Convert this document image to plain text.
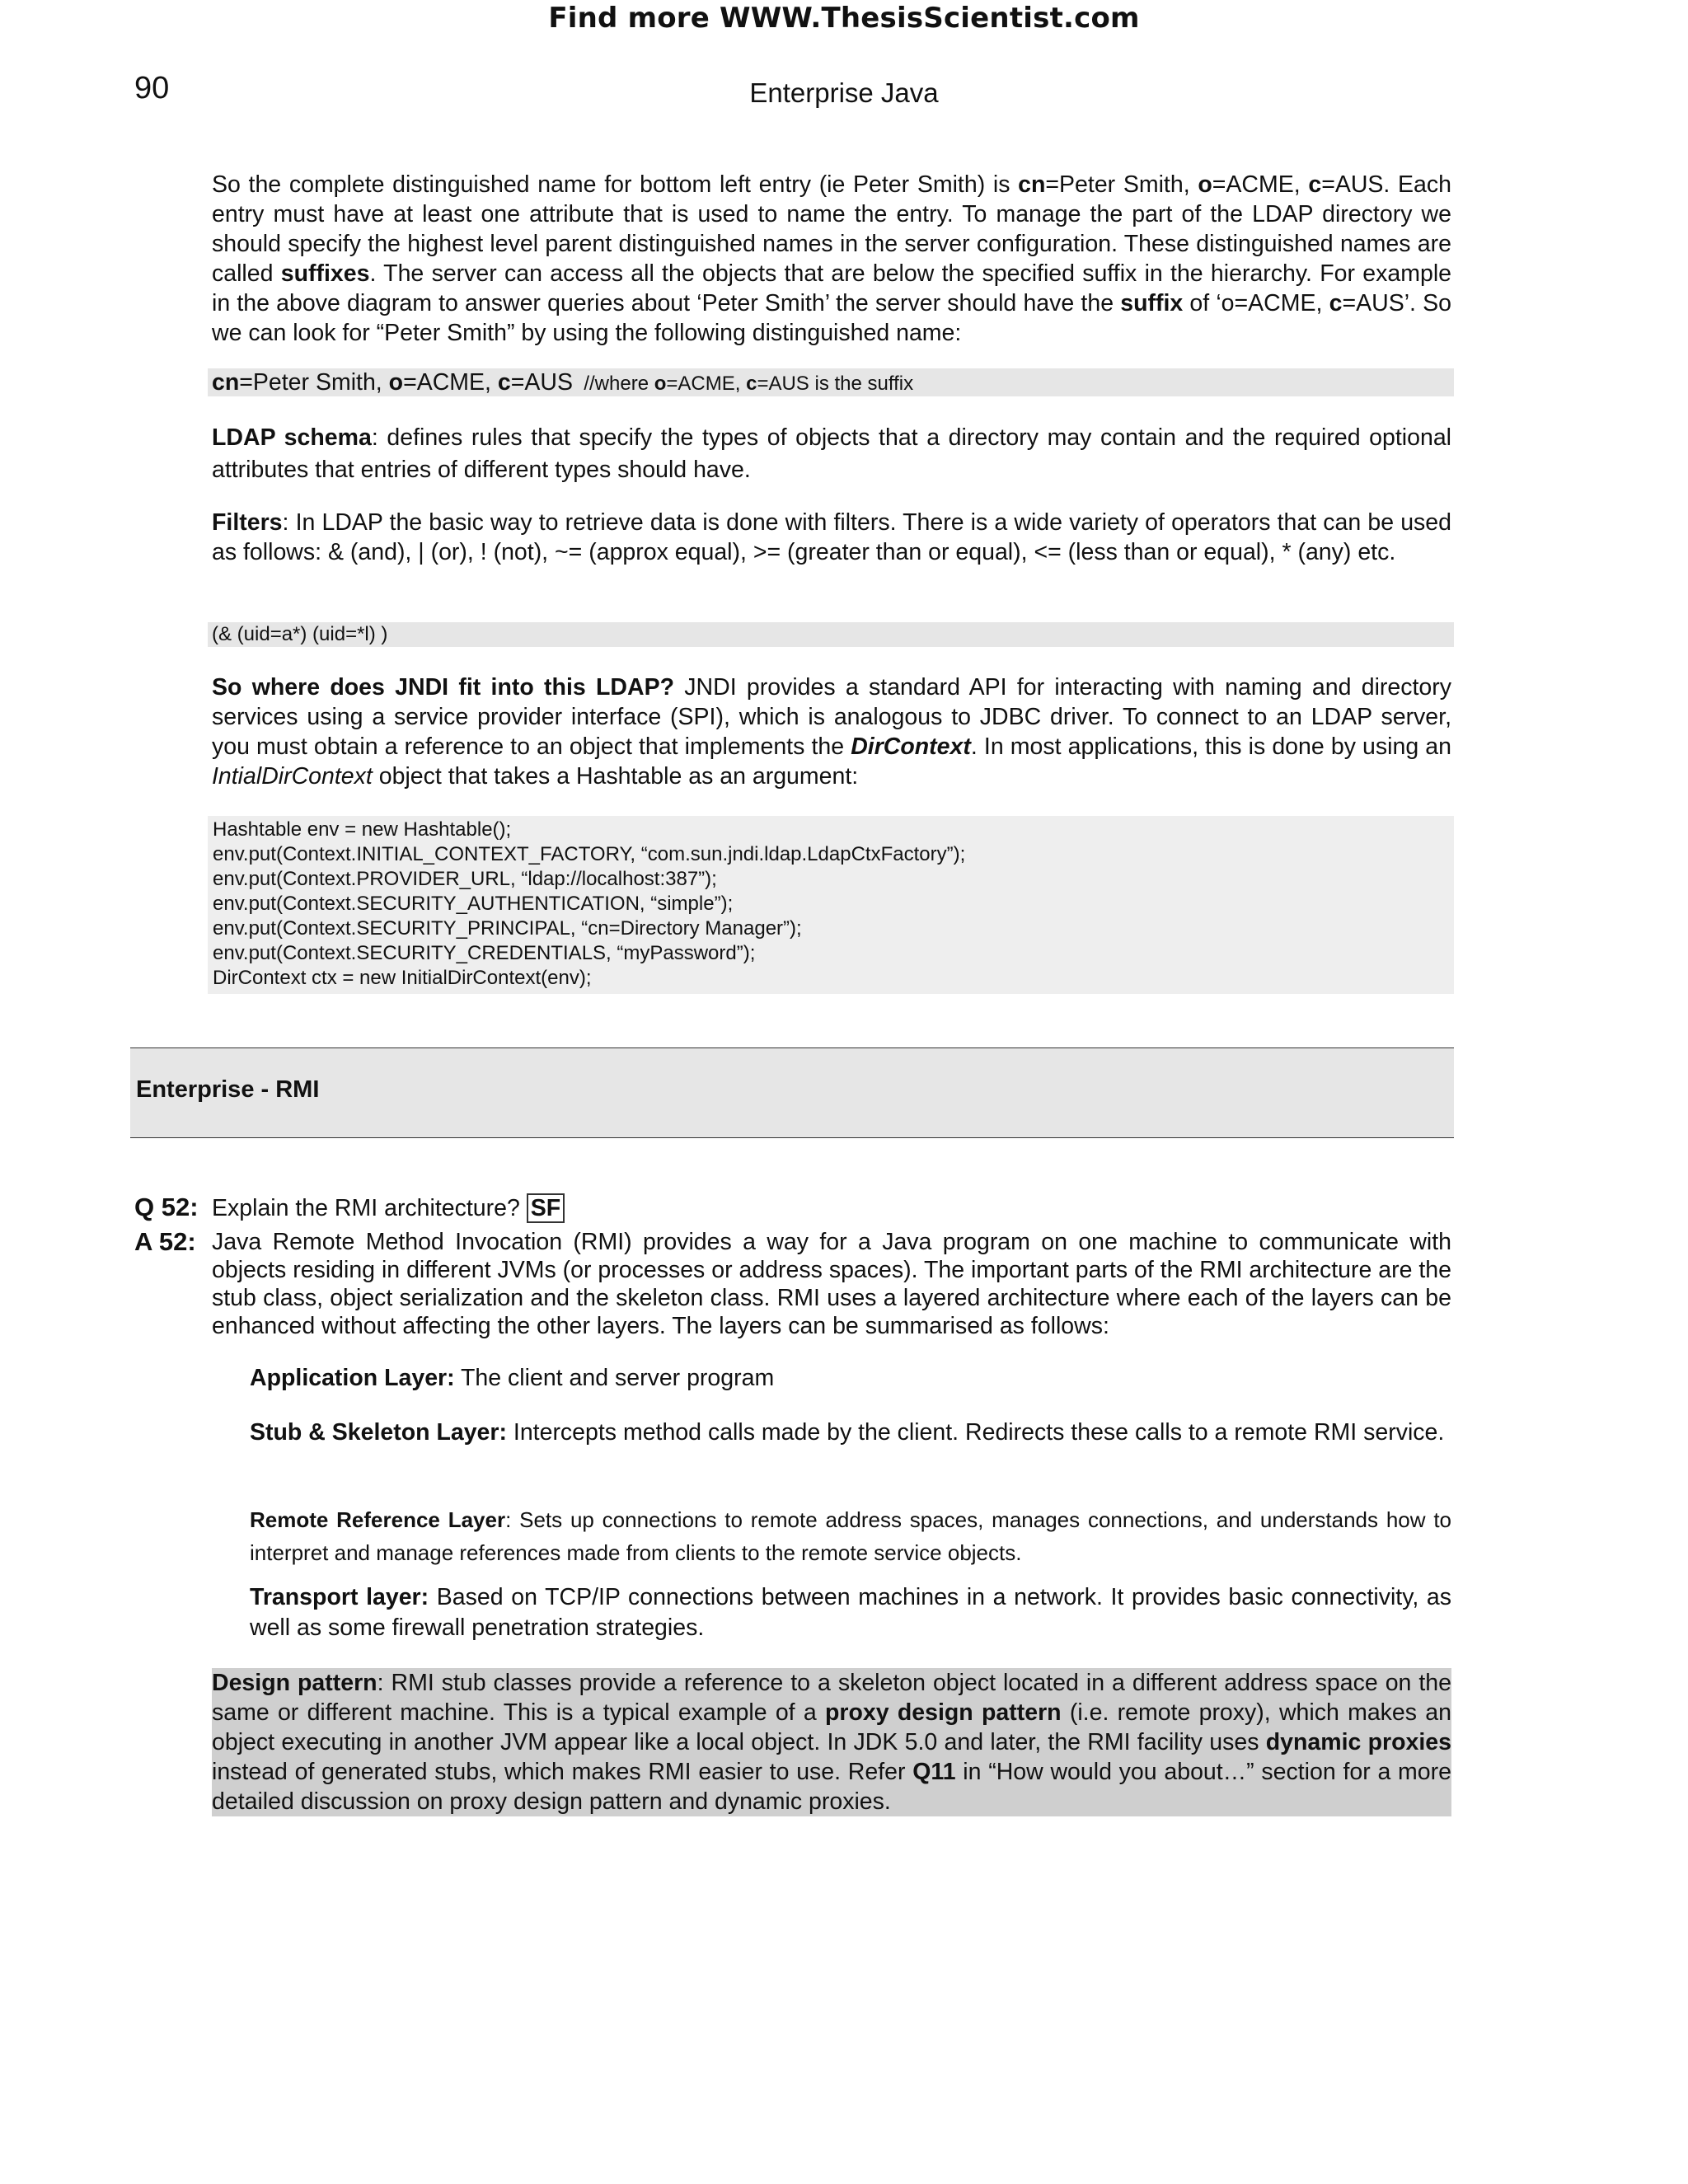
Find more WWW.ThesisScientist.com
90	Enterprise Java
So the complete distinguished name for bottom left entry (ie Peter Smith) is cn=Peter Smith, o=ACME, c=AUS. Each entry must have at least one attribute that is used to name the entry. To manage the part of the LDAP directory we should specify the highest level parent distinguished names in the server configuration. These distinguished names are called suffixes. The server can access all the objects that are below the specified suffix in the hierarchy. For example in the above diagram to answer queries about ‘Peter Smith’ the server should have the suffix of ‘o=ACME, c=AUS’. So we can look for “Peter Smith” by using the following distinguished name:
cn=Peter Smith, o=ACME, c=AUS  //where o=ACME, c=AUS is the suffix
LDAP schema: defines rules that specify the types of objects that a directory may contain and the required optional attributes that entries of different types should have.
Filters: In LDAP the basic way to retrieve data is done with filters. There is a wide variety of operators that can be used as follows: & (and), | (or), ! (not), ~= (approx equal), >= (greater than or equal), <= (less than or equal), * (any) etc.
(& (uid=a*) (uid=*l) )
So where does JNDI fit into this LDAP? JNDI provides a standard API for interacting with naming and directory services using a service provider interface (SPI), which is analogous to JDBC driver. To connect to an LDAP server, you must obtain a reference to an object that implements the DirContext. In most applications, this is done by using an IntialDirContext object that takes a Hashtable as an argument:
Hashtable env = new Hashtable();
env.put(Context.INITIAL_CONTEXT_FACTORY, “com.sun.jndi.ldap.LdapCtxFactory”);
env.put(Context.PROVIDER_URL, “ldap://localhost:387”);
env.put(Context.SECURITY_AUTHENTICATION, “simple”);
env.put(Context.SECURITY_PRINCIPAL, “cn=Directory Manager”);
env.put(Context.SECURITY_CREDENTIALS, “myPassword”);
DirContext ctx = new InitialDirContext(env);
Enterprise - RMI
Q 52: Explain the RMI architecture? SF
A 52: Java Remote Method Invocation (RMI) provides a way for a Java program on one machine to communicate with objects residing in different JVMs (or processes or address spaces). The important parts of the RMI architecture are the stub class, object serialization and the skeleton class. RMI uses a layered architecture where each of the layers can be enhanced without affecting the other layers. The layers can be summarised as follows:
Application Layer: The client and server program
Stub & Skeleton Layer: Intercepts method calls made by the client. Redirects these calls to a remote RMI service.
Remote Reference Layer: Sets up connections to remote address spaces, manages connections, and understands how to interpret and manage references made from clients to the remote service objects.
Transport layer: Based on TCP/IP connections between machines in a network. It provides basic connectivity, as well as some firewall penetration strategies.
Design pattern: RMI stub classes provide a reference to a skeleton object located in a different address space on the same or different machine. This is a typical example of a proxy design pattern (i.e. remote proxy), which makes an object executing in another JVM appear like a local object. In JDK 5.0 and later, the RMI facility uses dynamic proxies instead of generated stubs, which makes RMI easier to use. Refer Q11 in “How would you about…” section for a more detailed discussion on proxy design pattern and dynamic proxies.
